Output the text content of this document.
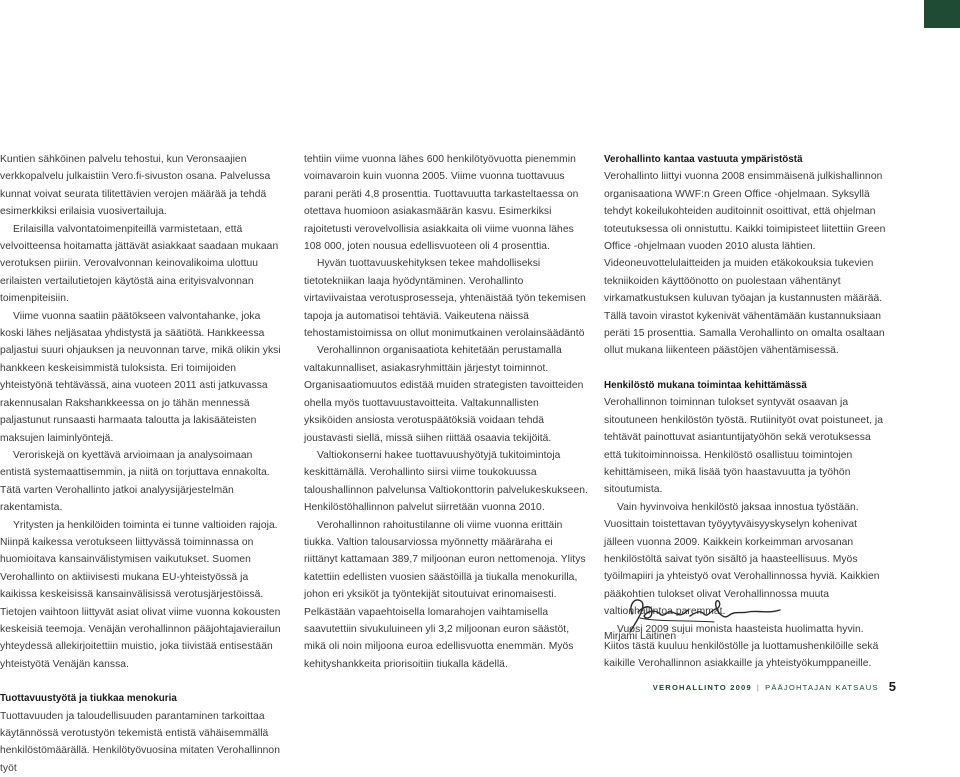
Kuntien sähköinen palvelu tehostui, kun Veronsaajien verkkopalvelu julkaistiin Vero.fi-sivuston osana. Palvelussa kunnat voivat seurata tilitettävien verojen määrää ja tehdä esimerkkiksi erilaisia vuosivertailuja.

Erilaisilla valvontatoimenpiteillä varmistetaan, että velvoitteensa hoitamatta jättävät asiakkaat saadaan mukaan verotuksen piiriin. Verovalvonnan keinovalikoima ulottuu erilaisten vertailutietojen käytöstä aina erityisvalvonnan toimenpiteisiin.

Viime vuonna saatiin päätökseen valvontahanke, joka koski lähes neljäsataa yhdistystä ja säätiötä. Hankkeessa paljastui suuri ohjauksen ja neuvonnan tarve, mikä olikin yksi hankkeen keskeisimmistä tuloksista. Eri toimijoiden yhteistyönä tehtävässä, aina vuoteen 2011 asti jatkuvassa rakennusalan Rakshankkeessa on jo tähän mennessä paljastunut runsaasti harmaata taloutta ja lakisääteisten maksujen laiminlyöntejä.

Veroriskejä on kyettävä arvioimaan ja analysoimaan entistä systemaattisemmin, ja niitä on torjuttava ennakolta. Tätä varten Verohallinto jatkoi analyysijärjestelmän rakentamista.

Yritysten ja henkilöiden toiminta ei tunne valtioiden rajoja. Niinpä kaikessa verotukseen liittyvässä toiminnassa on huomioitava kansainvälistymisen vaikutukset. Suomen Verohallinto on aktiivisesti mukana EU-yhteistyössä ja kaikissa keskeisissä kansainvälisissä verotusjärjestöissä. Tietojen vaihtoon liittyvät asiat olivat viime vuonna kokousten keskeisiä teemoja. Venäjän verohallinnon pääjohtajavierailun yhteydessä allekirjoitettiin muistio, joka tiivistää entisestään yhteistyötä Venäjän kanssa.

Tuottavuustyötä ja tiukkaa menokuria

Tuottavuuden ja taloudellisuuden parantaminen tarkoittaa käytännössä verotustyön tekemistä entistä vähäisemmällä henkilöstömäärällä. Henkilötyövuosina mitaten Verohallinnon työt

tehtiin viime vuonna lähes 600 henkilötyövuotta pienemmin voimavaroin kuin vuonna 2005. Viime vuonna tuottavuus parani peräti 4,8 prosenttia. Tuottavuutta tarkasteltaessa on otettava huomioon asiakasmäärän kasvu. Esimerkiksi rajoitetusti verovelvollisia asiakkaita oli viime vuonna lähes 108 000, joten nousua edellisvuoteen oli 4 prosenttia.

Hyvän tuottavuuskehityksen tekee mahdolliseksi tietotekniikan laaja hyödyntäminen. Verohallinto virtaviivaistaa verotusprosesseja, yhtenäistää työn tekemisen tapoja ja automatisoi tehtäviä. Vaikeutena näissä tehostamistoimissa on ollut monimutkainen verolainsäädäntö

Verohallinnon organisaatiota kehitetään perustamalla valtakunnalliset, asiakasryhmittäin järjestyt toiminnot. Organisaatiomuutos edistää muiden strategisten tavoitteiden ohella myös tuottavuustavoitteita. Valtakunnallisten yksiköiden ansiosta verotuspäätöksiä voidaan tehdä joustavasti siellä, missä siihen riittää osaavia tekijöitä.

Valtiokonserni hakee tuottavuushyötyjä tukitoimintoja keskittämällä. Verohallinto siirsi viime toukokuussa taloushallinnon palvelunsa Valtiokonttorin palvelukeskukseen. Henkilöstöhallinnon palvelut siirretään vuonna 2010.

Verohallinnon rahoitustilanne oli viime vuonna erittäin tiukka. Valtion talousarviossa myönnetty määräraha ei riittänyt kattamaan 389,7 miljoonan euron nettomenoja. Ylitys katettiin edellisten vuosien säästöillä ja tiukalla menokurilla, johon eri yksiköt ja työntekijät sitoutuivat erinomaisesti. Pelkästään vapaehtoisella lomarahojen vaihtamisella saavutettiin sivukuluineen yli 3,2 miljoonan euron säästöt, mikä oli noin miljoona euroa edellisvuotta enemmän. Myös kehityshankkeita priorisoitiin tiukalla kädellä.

Verohallinto kantaa vastuuta ympäristöstä

Verohallinto liittyi vuonna 2008 ensimmäisenä julkishallinnon organisaationa WWF:n Green Office -ohjelmaan. Syksyllä tehdyt kokeilukohteiden auditoinnit osoittivat, että ohjelman toteutuksessa oli onnistuttu. Kaikki toimipisteet liitettiin Green Office -ohjelmaan vuoden 2010 alusta lähtien. Videoneuvottelulaitteiden ja muiden etäkokouksia tukevien tekniikoiden käyttöönotto on puolestaan vähentänyt virkamatkustuksen kuluvan työajan ja kustannusten määrää. Tällä tavoin virastot kykenivät vähentämään kustannuksiaan peräti 15 prosenttia. Samalla Verohallinto on omalta osaltaan ollut mukana liikenteen päästöjen vähentämisessä.

Henkilöstö mukana toimintaa kehittämässä

Verohallinnon toiminnan tulokset syntyvät osaavan ja sitoutuneen henkilöstön työstä. Rutiinityöt ovat poistuneet, ja tehtävät painottuvat asiantuntijatyöhön sekä verotuksessa että tukitoiminnoissa. Henkilöstö osallistuu toimintojen kehittämiseen, mikä lisää työn haastavuutta ja työhön sitoutumista.

Vain hyvinvoiva henkilöstö jaksaa innostua työstään. Vuosittain toistettavan työyytyväisyyskyselyn kohenivat jälleen vuonna 2009. Kaikkein korkeimman arvosanan henkilöstöltä saivat työn sisältö ja haasteellisuus. Myös työilmapiiri ja yhteistyö ovat Verohallinnossa hyviä. Kaikkien pääkohtien tulokset olivat Verohallinnossa muuta valtionhallintoa paremmat.

Vuosi 2009 sujui monista haasteista huolimatta hyvin. Kiitos tästä kuuluu henkilöstölle ja luottamushenkilöille sekä kaikille Verohallinnon asiakkaille ja yhteistyökumppaneille.

Mirjami Laitinen
VEROHALLINTO 2009 | PÄÄJOHTAJAN KATSAUS 5
